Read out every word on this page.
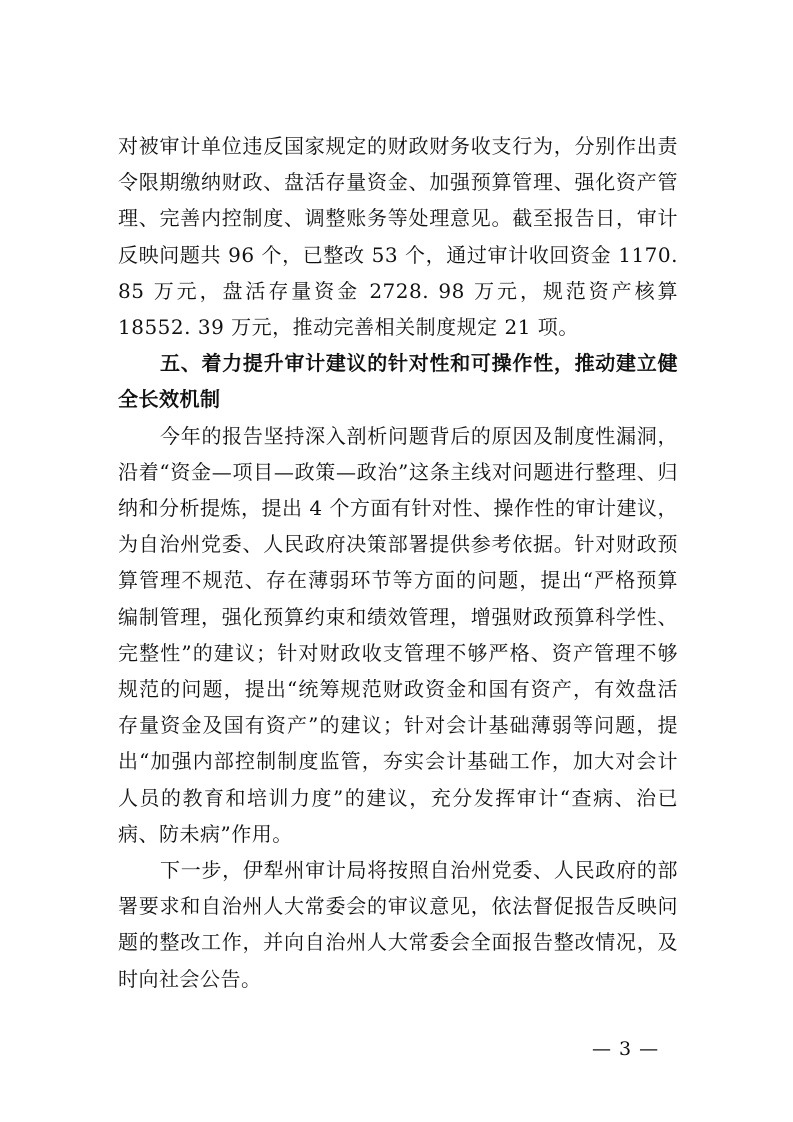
对被审计单位违反国家规定的财政财务收支行为，分别作出责令限期缴纳财政、盘活存量资金、加强预算管理、强化资产管理、完善内控制度、调整账务等处理意见。截至报告日，审计反映问题共 96 个，已整改 53 个，通过审计收回资金 1170. 85 万元，盘活存量资金 2728. 98 万元，规范资产核算 18552. 39 万元，推动完善相关制度规定 21 项。

五、着力提升审计建议的针对性和可操作性，推动建立健全长效机制

今年的报告坚持深入剖析问题背后的原因及制度性漏洞，沿着“资金—项目—政策—政治”这条主线对问题进行整理、归纳和分析提炼，提出 4 个方面有针对性、操作性的审计建议，为自治州党委、人民政府决策部署提供参考依据。针对财政预算管理不规范、存在薄弱环节等方面的问题，提出“严格预算编制管理，强化预算约束和绩效管理，增强财政预算科学性、完整性”的建议；针对财政收支管理不够严格、资产管理不够规范的问题，提出“统筹规范财政资金和国有资产，有效盘活存量资金及国有资产”的建议；针对会计基础薄弱等问题，提出“加强内部控制制度监管，夯实会计基础工作，加大对会计人员的教育和培训力度”的建议，充分发挥审计“查病、治已病、防未病”作用。

下一步，伊犁州审计局将按照自治州党委、人民政府的部署要求和自治州人大常委会的审议意见，依法督促报告反映问题的整改工作，并向自治州人大常委会全面报告整改情况，及时向社会公告。

— 3 —
